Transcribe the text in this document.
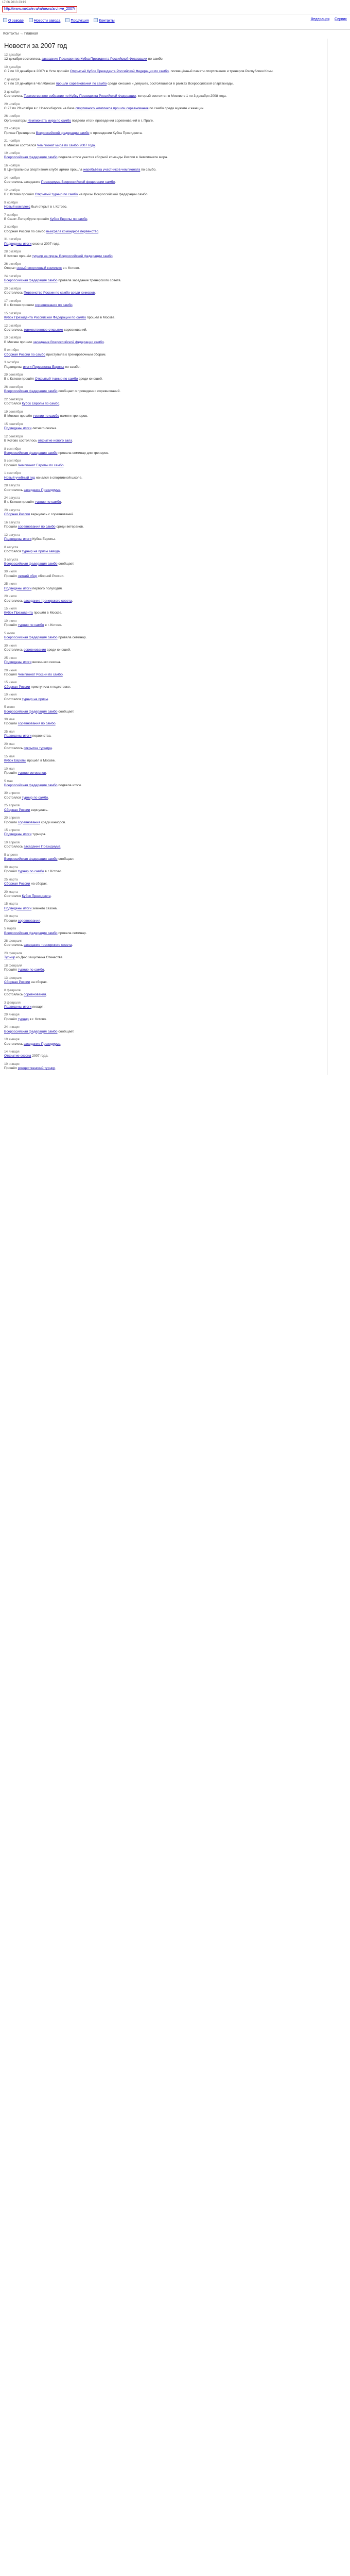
17.06.2013 23:19
http://www.mettale.ru/ru/news/archive_2007/
О заводе	Новости завода	Продукция	Контакты	Федерация Сервис
Контакты → Главная
Новости за 2007 год
12 декабря
12 декабря состоялось заседание Президентов Кубка Президента Российской Федерации по самбо.
10 декабря
С 7 по 10 декабря в 2007г в Ухте прошёл Открытый Кубок Президента Российской Федерации по самбо, посвящённый памяти спортсменов и тренеров Республики Коми.
7 декабря
С 7 по 10 декабря в Челябинске прошли соревнования по самбо среди юношей и девушек, состоявшиеся в рамках Всероссийской спартакиады.
3 декабря
Состоялось Торжественное собрание по Кубку Президента Российской Федерации, который состоится в Москве с 1 по 3 декабря 2008 года.
29 ноября
С 27 по 29 ноября в г. Новосибирске на базе спортивного комплекса прошли соревнования по самбо среди мужчин и женщин.
26 ноября
Организаторы Чемпионата мира по самбо подвели итоги проведения соревнований в г. Праге.
23 ноября
Приказ Президента Всероссийской федерации самбо о проведении Кубка Президента.
21 ноября
В Минске состоялся Чемпионат мира по самбо 2007 года.
19 ноября
Всероссийская федерация самбо подвела итоги участия сборной команды России в Чемпионате мира.
16 ноября
В Центральном спортивном клубе армии прошла жеребьёвка участников чемпионата по самбо.
14 ноября
Состоялось заседание Президиума Всероссийской федерации самбо.
12 ноября
В г. Кстово прошёл Открытый турнир по самбо на призы Всероссийской федерации самбо.
9 ноября
Новый комплекс был открыт в г. Кстово.
7 ноября
В Санкт-Петербурге прошёл Кубок Европы по самбо.
2 ноября
Сборная России по самбо выиграла командное первенство.
31 октября
Подведены итоги сезона 2007 года.
28 октября
В Кстово прошёл турнир на призы Всероссийской федерации самбо.
26 октября
Открыт новый спортивный комплекс в г. Кстово.
24 октября
Всероссийская федерация самбо провела заседание тренерского совета.
20 октября
Состоялось Первенство России по самбо среди юниоров.
17 октября
В г. Кстово прошли соревнования по самбо.
15 октября
Кубок Президента Российской Федерации по самбо прошёл в Москве.
12 октября
Состоялось торжественное открытие соревнований.
10 октября
В Москве прошло заседание Всероссийской федерации самбо.
5 октября
Сборная России по самбо приступила к тренировочным сборам.
3 октября
Подведены итоги Первенства Европы по самбо.
29 сентября
В г. Кстово прошёл Открытый турнир по самбо среди юношей.
26 сентября
Всероссийская федерация самбо сообщает о проведении соревнований.
22 сентября
Состоялся Кубок Европы по самбо.
19 сентября
В Москве прошёл турнир по самбо памяти тренеров.
15 сентября
Подведены итоги летнего сезона.
12 сентября
В Кстово состоялось открытие нового зала.
8 сентября
Всероссийская федерация самбо провела семинар для тренеров.
5 сентября
Прошёл Чемпионат Европы по самбо.
1 сентября
Новый учебный год начался в спортивной школе.
28 августа
Состоялось заседание Президиума.
24 августа
В г. Кстово прошёл турнир по самбо.
20 августа
Сборная России вернулась с соревнований.
16 августа
Прошли соревнования по самбо среди ветеранов.
12 августа
Подведены итоги Кубка Европы.
8 августа
Состоялся турнир на призы завода.
3 августа
Всероссийская федерация самбо сообщает.
30 июля
Прошёл летний сбор сборной России.
25 июля
Подведены итоги первого полугодия.
20 июля
Состоялось заседание тренерского совета.
15 июля
Кубок Президента прошёл в Москве.
10 июля
Прошёл турнир по самбо в г. Кстово.
5 июля
Всероссийская федерация самбо провела семинар.
30 июня
Состоялись соревнования среди юношей.
25 июня
Подведены итоги весеннего сезона.
20 июня
Прошёл Чемпионат России по самбо.
15 июня
Сборная России приступила к подготовке.
10 июня
Состоялся турнир на призы.
5 июня
Всероссийская федерация самбо сообщает.
30 мая
Прошли соревнования по самбо.
25 мая
Подведены итоги первенства.
20 мая
Состоялось открытие турнира.
15 мая
Кубок Европы прошёл в Москве.
10 мая
Прошёл турнир ветеранов.
5 мая
Всероссийская федерация самбо подвела итоги.
30 апреля
Состоялся турнир по самбо.
25 апреля
Сборная России вернулась.
20 апреля
Прошли соревнования среди юниоров.
15 апреля
Подведены итоги турнира.
10 апреля
Состоялось заседание Президиума.
5 апреля
Всероссийская федерация самбо сообщает.
30 марта
Прошёл турнир по самбо в г. Кстово.
25 марта
Сборная России на сборах.
20 марта
Состоялся Кубок Президента.
15 марта
Подведены итоги зимнего сезона.
10 марта
Прошли соревнования.
5 марта
Всероссийская федерация самбо провела семинар.
28 февраля
Состоялось заседание тренерского совета.
23 февраля
Турнир ко Дню защитника Отечества.
18 февраля
Прошёл турнир по самбо.
13 февраля
Сборная России на сборах.
8 февраля
Состоялись соревнования.
3 февраля
Подведены итоги января.
29 января
Прошёл турнир в г. Кстово.
24 января
Всероссийская федерация самбо сообщает.
19 января
Состоялось заседание Президиума.
14 января
Открытие сезона 2007 года.
10 января
Прошёл рождественский турнир.
